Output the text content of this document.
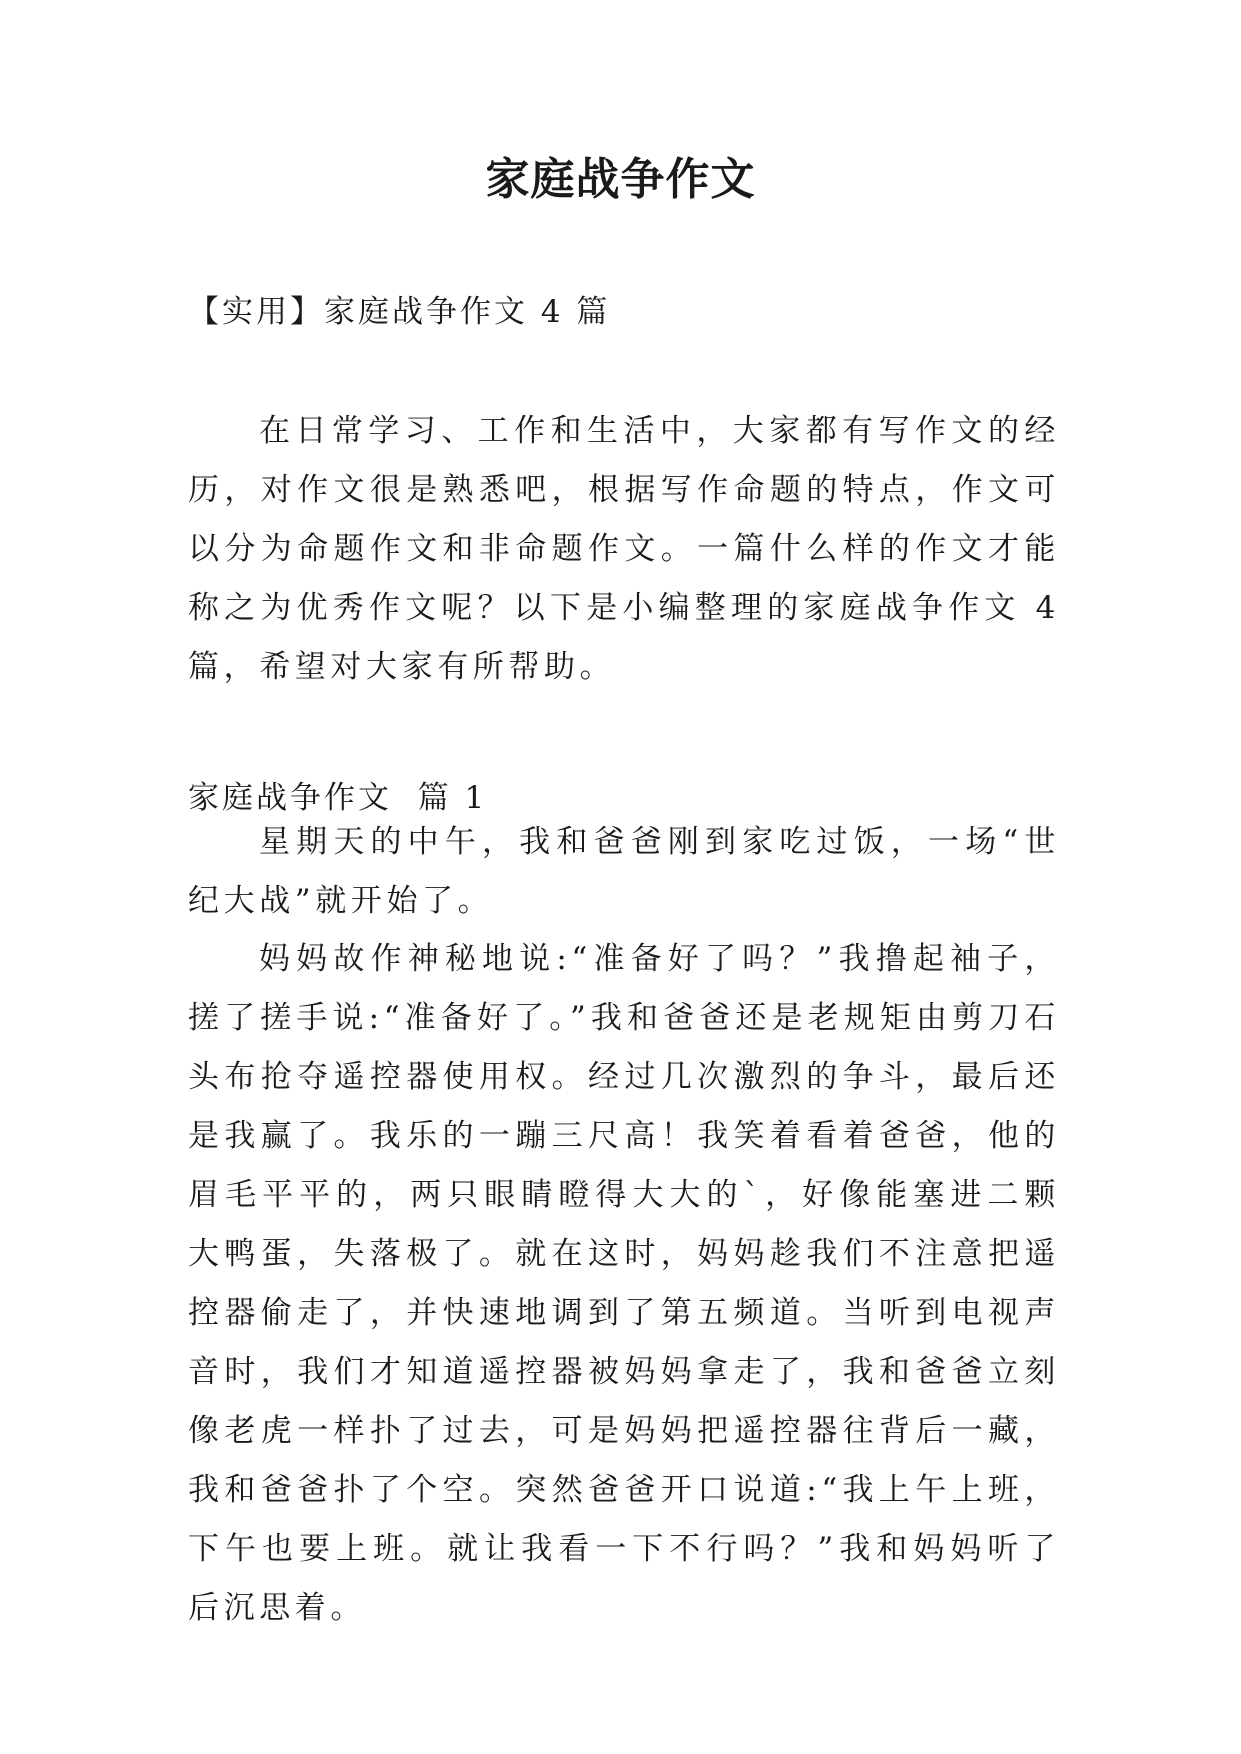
家庭战争作文

【实用】家庭战争作文 4 篇

在日常学习、工作和生活中，大家都有写作文的经历，对作文很是熟悉吧，根据写作命题的特点，作文可以分为命题作文和非命题作文。一篇什么样的作文才能称之为优秀作文呢？以下是小编整理的家庭战争作文 4 篇，希望对大家有所帮助。

家庭战争作文  篇 1

星期天的中午，我和爸爸刚到家吃过饭，一场“世纪大战”就开始了。

妈妈故作神秘地说:“准备好了吗？”我撸起袖子，搓了搓手说:“准备好了。”我和爸爸还是老规矩由剪刀石头布抢夺遥控器使用权。经过几次激烈的争斗，最后还是我赢了。我乐的一蹦三尺高！我笑着看着爸爸，他的眉毛平平的，两只眼睛瞪得大大的`，好像能塞进二颗大鸭蛋，失落极了。就在这时，妈妈趁我们不注意把遥控器偷走了，并快速地调到了第五频道。当听到电视声音时，我们才知道遥控器被妈妈拿走了，我和爸爸立刻像老虎一样扑了过去，可是妈妈把遥控器往背后一藏，我和爸爸扑了个空。突然爸爸开口说道:“我上午上班，下午也要上班。就让我看一下不行吗？”我和妈妈听了后沉思着。
